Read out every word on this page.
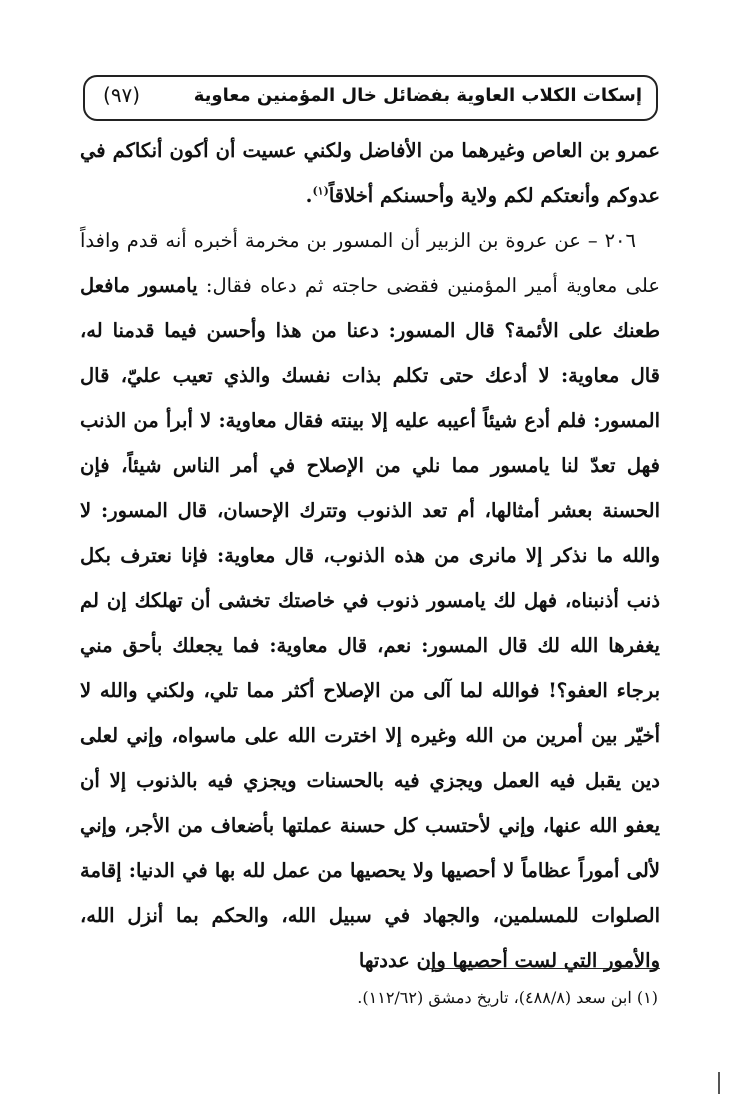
إسكات الكلاب العاوية بفضائل خال المؤمنين معاوية
(٩٧)

عمرو بن العاص وغيرهما من الأفاضل ولكني عسيت أن أكون أنكاكم في عدوكم وأنعتكم لكم ولاية وأحسنكم أخلاقاً$^{(١)}$.

٢٠٦ – عن عروة بن الزبير أن المسور بن مخرمة أخبره أنه قدم وافداً على معاوية أمير المؤمنين فقضى حاجته ثم دعاه فقال: يامسور مافعل طعنك على الأئمة؟ قال المسور: دعنا من هذا وأحسن فيما قدمنا له، قال معاوية: لا أدعك حتى تكلم بذات نفسك والذي تعيب عليّ، قال المسور: فلم أدع شيئاً أعيبه عليه إلا بينته فقال معاوية: لا أبرأ من الذنب فهل تعدّ لنا يامسور مما نلي من الإصلاح في أمر الناس شيئاً، فإن الحسنة بعشر أمثالها، أم تعد الذنوب وتترك الإحسان، قال المسور: لا والله ما نذكر إلا مانرى من هذه الذنوب، قال معاوية: فإنا نعترف بكل ذنب أذنبناه، فهل لك يامسور ذنوب في خاصتك تخشى أن تهلكك إن لم يغفرها الله لك قال المسور: نعم، قال معاوية: فما يجعلك بأحق مني برجاء العفو؟! فوالله لما آلى من الإصلاح أكثر مما تلي، ولكني والله لا أخيّر بين أمرين من الله وغيره إلا اخترت الله على ماسواه، وإني لعلى دين يقبل فيه العمل ويجزي فيه بالحسنات ويجزي فيه بالذنوب إلا أن يعفو الله عنها، وإني لأحتسب كل حسنة عملتها بأضعاف من الأجر، وإني لألى أموراً عظاماً لا أحصيها ولا يحصيها من عمل لله بها في الدنيا: إقامة الصلوات للمسلمين، والجهاد في سبيل الله، والحكم بما أنزل الله، والأمور التي لست أحصيها وإن عددتها

(١) ابن سعد (٤٨٨/٨)، تاريخ دمشق (١١٢/٦٢).
